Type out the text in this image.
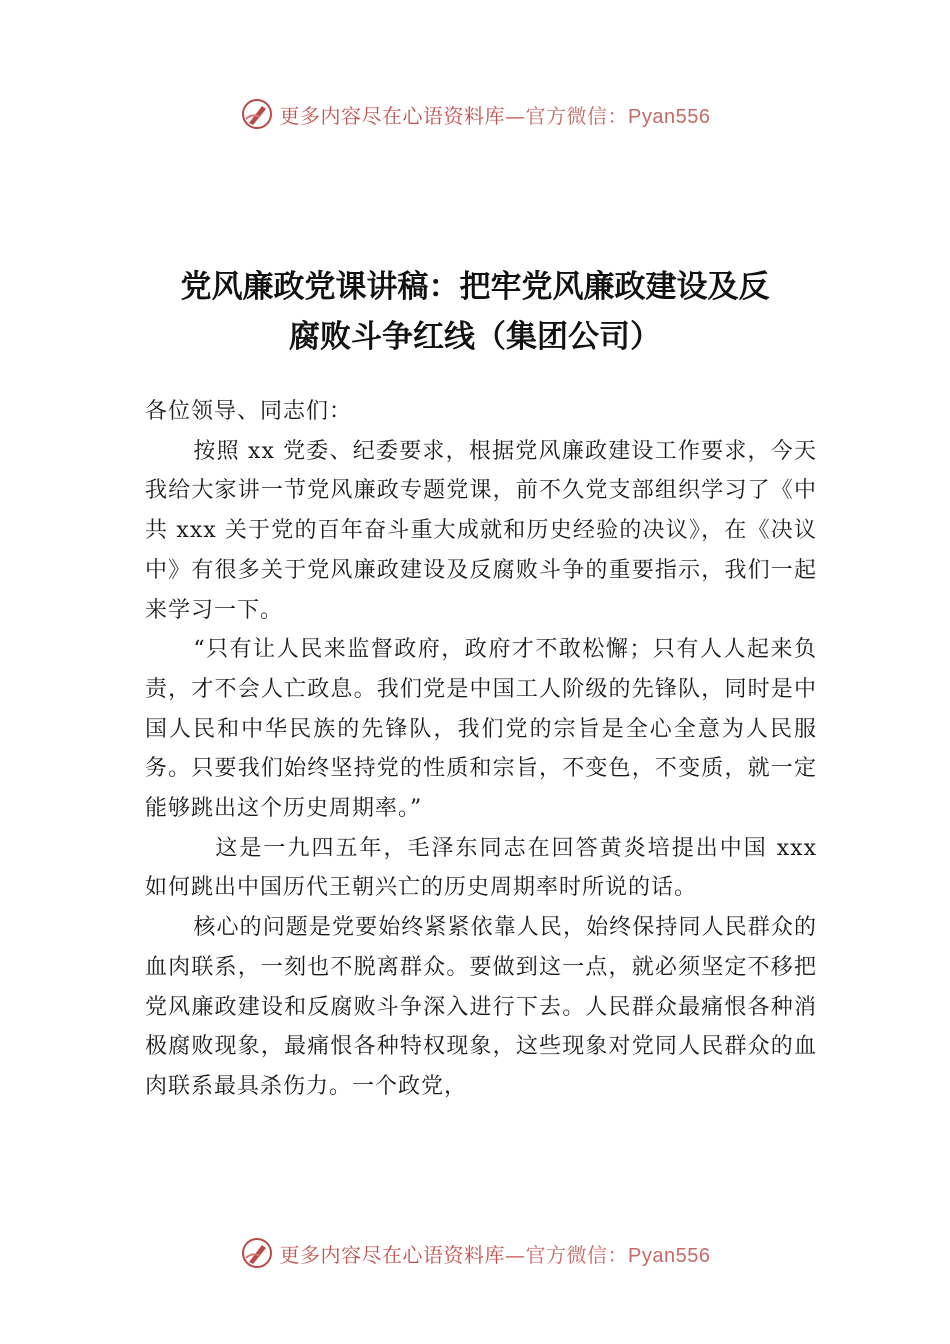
更多内容尽在心语资料库—官方微信：Pyan556
党风廉政党课讲稿：把牢党风廉政建设及反
腐败斗争红线（集团公司）

各位领导、同志们：

按照 xx 党委、纪委要求，根据党风廉政建设工作要求，今天我给大家讲一节党风廉政专题党课，前不久党支部组织学习了《中共 xxx 关于党的百年奋斗重大成就和历史经验的决议》，在《决议中》有很多关于党风廉政建设及反腐败斗争的重要指示，我们一起来学习一下。

“只有让人民来监督政府，政府才不敢松懈；只有人人起来负责，才不会人亡政息。我们党是中国工人阶级的先锋队，同时是中国人民和中华民族的先锋队，我们党的宗旨是全心全意为人民服务。只要我们始终坚持党的性质和宗旨，不变色，不变质，就一定能够跳出这个历史周期率。”

这是一九四五年，毛泽东同志在回答黄炎培提出中国 xxx 如何跳出中国历代王朝兴亡的历史周期率时所说的话。

核心的问题是党要始终紧紧依靠人民，始终保持同人民群众的血肉联系，一刻也不脱离群众。要做到这一点，就必须坚定不移把党风廉政建设和反腐败斗争深入进行下去。人民群众最痛恨各种消极腐败现象，最痛恨各种特权现象，这些现象对党同人民群众的血肉联系最具杀伤力。一个政党，

更多内容尽在心语资料库—官方微信：Pyan556
